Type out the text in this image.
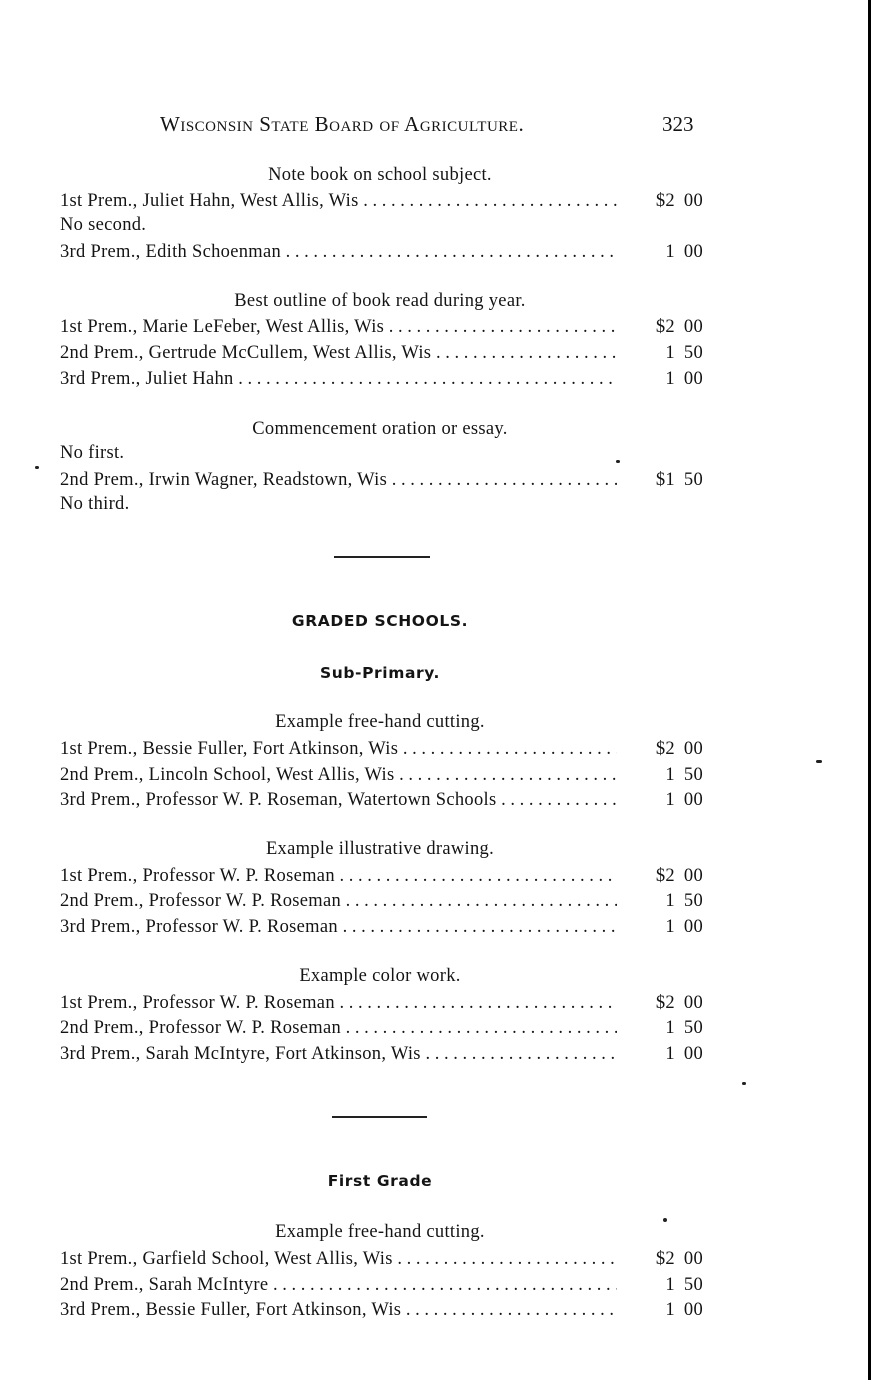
Wisconsin State Board of Agriculture.	323
Note book on school subject.
1st Prem., Juliet Hahn, West Allis, Wis . . .	$2 00
No second.
3rd Prem., Edith Schoenman . . .	1 00
Best outline of book read during year.
1st Prem., Marie LeFeber, West Allis, Wis . . .	$2 00
2nd Prem., Gertrude McCullem, West Allis, Wis . . .	1 50
3rd Prem., Juliet Hahn . . .	1 00
Commencement oration or essay.
No first.
2nd Prem., Irwin Wagner, Readstown, Wis . . .	$1 50
No third.
GRADED SCHOOLS.
Sub-Primary.
Example free-hand cutting.
1st Prem., Bessie Fuller, Fort Atkinson, Wis . . .	$2 00
2nd Prem., Lincoln School, West Allis, Wis . . .	1 50
3rd Prem., Professor W. P. Roseman, Watertown Schools . . .	1 00
Example illustrative drawing.
1st Prem., Professor W. P. Roseman . . .	$2 00
2nd Prem., Professor W. P. Roseman . . .	1 50
3rd Prem., Professor W. P. Roseman . . .	1 00
Example color work.
1st Prem., Professor W. P. Roseman . . .	$2 00
2nd Prem., Professor W. P. Roseman . . .	1 50
3rd Prem., Sarah McIntyre, Fort Atkinson, Wis . . .	1 00
First Grade
Example free-hand cutting.
1st Prem., Garfield School, West Allis, Wis . . .	$2 00
2nd Prem., Sarah McIntyre . . .	1 50
3rd Prem., Bessie Fuller, Fort Atkinson, Wis . . .	1 00
